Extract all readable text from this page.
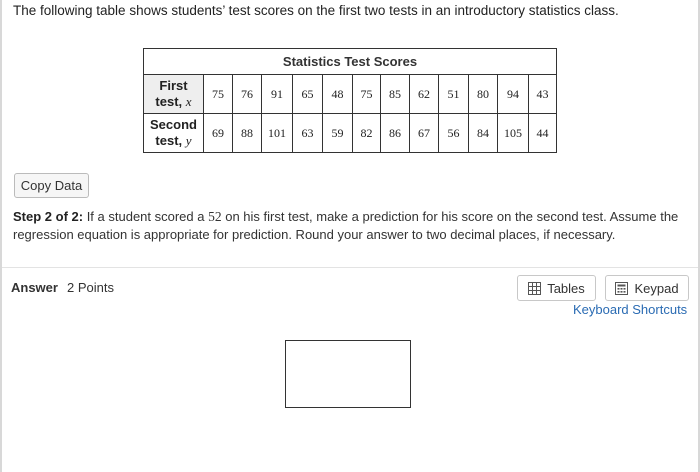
The following table shows students’ test scores on the first two tests in an introductory statistics class.
Statistics Test Scores												
First
test, x	75	76	91	65	48	75	85	62	51	80	94	43
Second
test, y	69	88	101	63	59	82	86	67	56	84	105	44
Copy Data
Step 2 of 2: If a student scored a 52 on his first test, make a prediction for his score on the second test. Assume the regression equation is appropriate for prediction. Round your answer to two decimal places, if necessary.
Answer 2 Points	Tables	Keypad
Keyboard Shortcuts
